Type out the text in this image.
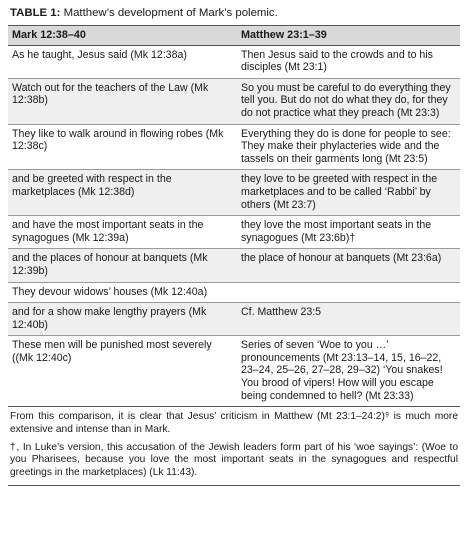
TABLE 1: Matthew’s development of Mark’s polemic.
Mark 12:38–40	Matthew 23:1–39
As he taught, Jesus said (Mk 12:38a)	Then Jesus said to the crowds and to his disciples (Mt 23:1)
Watch out for the teachers of the Law (Mk 12:38b)	So you must be careful to do everything they tell you. But do not do what they do, for they do not practice what they preach (Mt 23:3)
They like to walk around in flowing robes (Mk 12:38c)	Everything they do is done for people to see: They make their phylacteries wide and the tassels on their garments long (Mt 23:5)
and be greeted with respect in the marketplaces (Mk 12:38d)	they love to be greeted with respect in the marketplaces and to be called ‘Rabbi’ by others (Mt 23:7)
and have the most important seats in the synagogues (Mk 12:39a)	they love the most important seats in the synagogues (Mt 23:6b)†
and the places of honour at banquets (Mk 12:39b)	the place of honour at banquets (Mt 23:6a)
They devour widows’ houses (Mk 12:40a)	
and for a show make lengthy prayers (Mk 12:40b)	Cf. Matthew 23:5
These men will be punished most severely ((Mk 12:40c)	Series of seven ‘Woe to you …’ pronouncements (Mt 23:13–14, 15, 16–22, 23–24, 25–26, 27–28, 29–32) ‘You snakes! You brood of vipers! How will you escape being condemned to hell? (Mt 23:33)

From this comparison, it is clear that Jesus’ criticism in Matthew (Mt 23:1–24:2)⁹ is much more extensive and intense than in Mark.

†, In Luke’s version, this accusation of the Jewish leaders form part of his ‘woe sayings’: (Woe to you Pharisees, because you love the most important seats in the synagogues and respectful greetings in the marketplaces) (Lk 11:43).
